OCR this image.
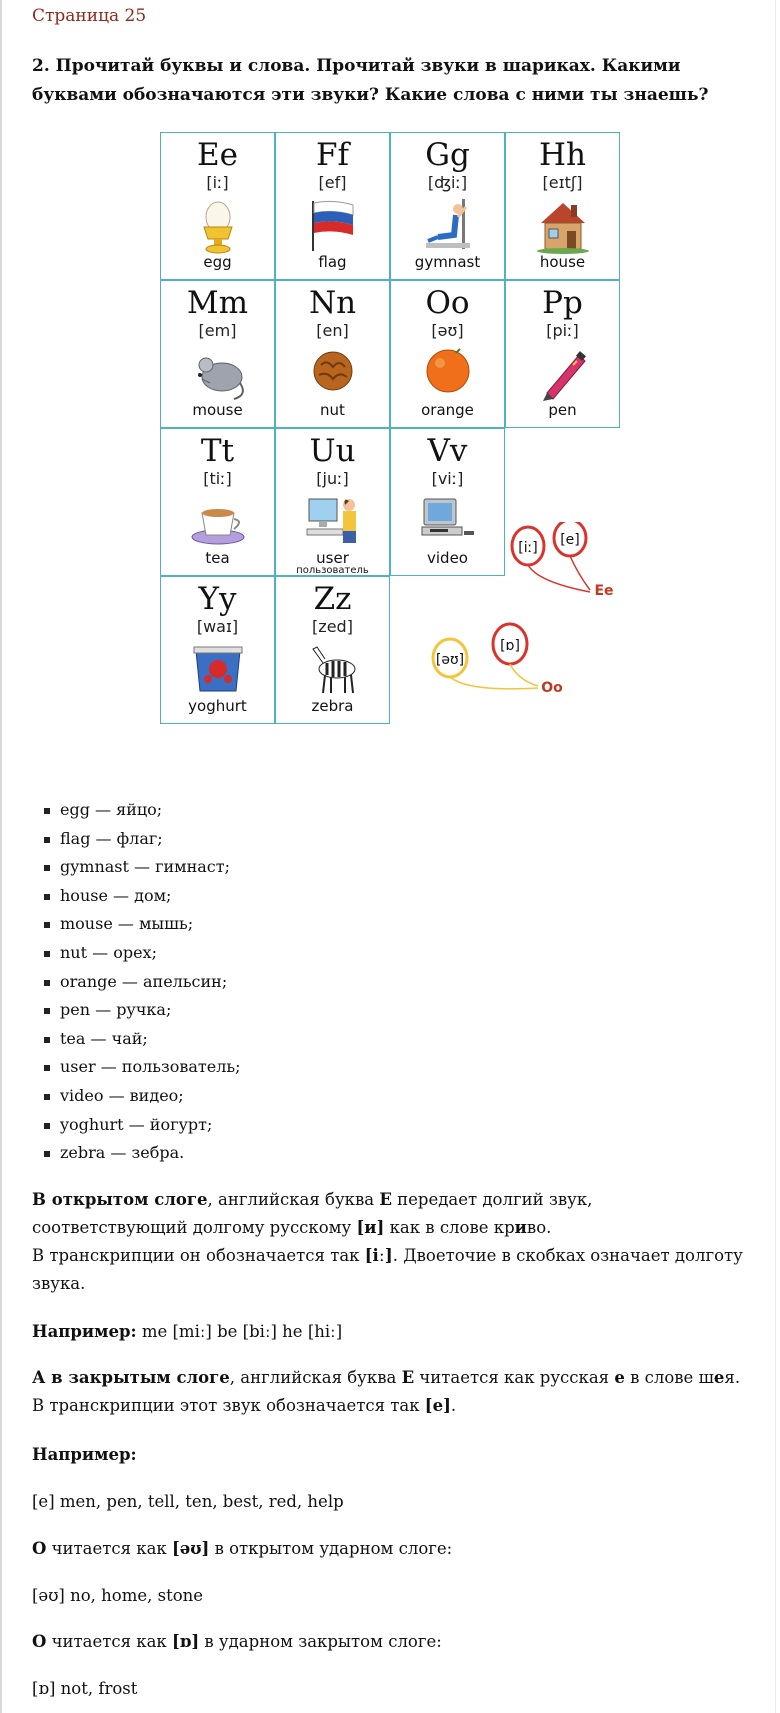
Страница 25
2. Прочитай буквы и слова. Прочитай звуки в шариках. Какими буквами обозначаются эти звуки? Какие слова с ними ты знаешь?
Ee
[iː]
egg
Ff
[ef]
flag
Gg
[ʤiː]
gymnast
Hh
[eɪtʃ]
house
Mm
[em]
mouse
Nn
[en]
nut
Oo
[əʊ]
orange
Pp
[piː]
pen
Tt
[tiː]
tea
Uu
[juː]
user
пользователь
Vv
[viː]
video
Yy
[waɪ]
yoghurt
Zz
[zed]
zebra
[iː] [e]
Ee
[əʊ]
[ɒ]
Oo
egg — яйцо;
flag — флаг;
gymnast — гимнаст;
house — дом;
mouse — мышь;
nut — орех;
orange — апельсин;
pen — ручка;
tea — чай;
user — пользователь;
video — видео;
yoghurt — йогурт;
zebra — зебра.

В открытом слоге, английская буква E передает долгий звук, соответствующий долгому русскому [и] как в слове криво.
В транскрипции он обозначается так [iː]. Двоеточие в скобках означает долготу звука.

Например: me [miː] be [biː] he [hiː]

А в закрытым слоге, английская буква E читается как русская е в слове шея. В транскрипции этот звук обозначается так [e].

Например:

[e] men, pen, tell, ten, best, red, help

О читается как [əʊ] в открытом ударном слоге:

[əʊ] no, home, stone

О читается как [ɒ] в ударном закрытом слоге:

[ɒ] not, frost
